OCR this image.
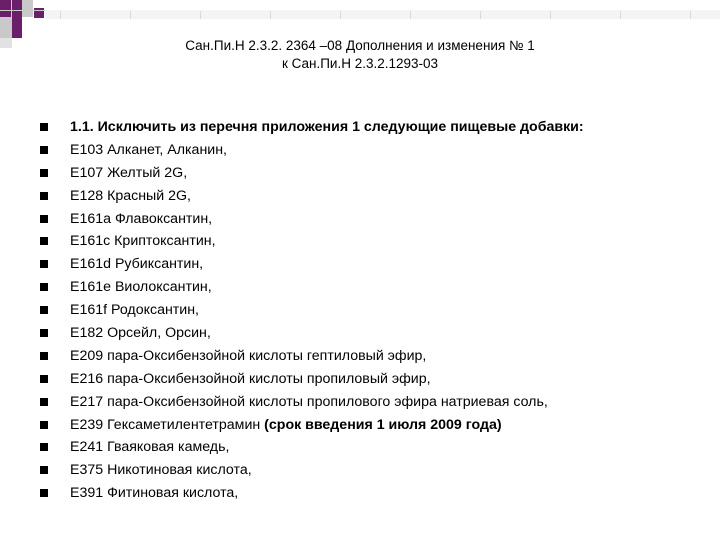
Сан.Пи.Н 2.3.2. 2364 –08 Дополнения и изменения № 1
к Сан.Пи.Н 2.3.2.1293-03
1.1. Исключить из перечня приложения 1 следующие пищевые добавки:
Е103 Алканет, Алканин,
Е107 Желтый 2G,
Е128 Красный 2G,
Е161а Флавоксантин,
Е161с Криптоксантин,
Е161d Рубиксантин,
Е161е Виолоксантин,
Е161f Родоксантин,
Е182 Орсейл, Орсин,
Е209 пара-Оксибензойной кислоты гептиловый эфир,
Е216 пара-Оксибензойной кислоты пропиловый эфир,
Е217 пара-Оксибензойной кислоты пропилового эфира натриевая соль,
Е239 Гексаметилентетрамин (срок введения 1 июля 2009 года)
Е241 Гваяковая камедь,
Е375 Никотиновая кислота,
Е391 Фитиновая кислота,
